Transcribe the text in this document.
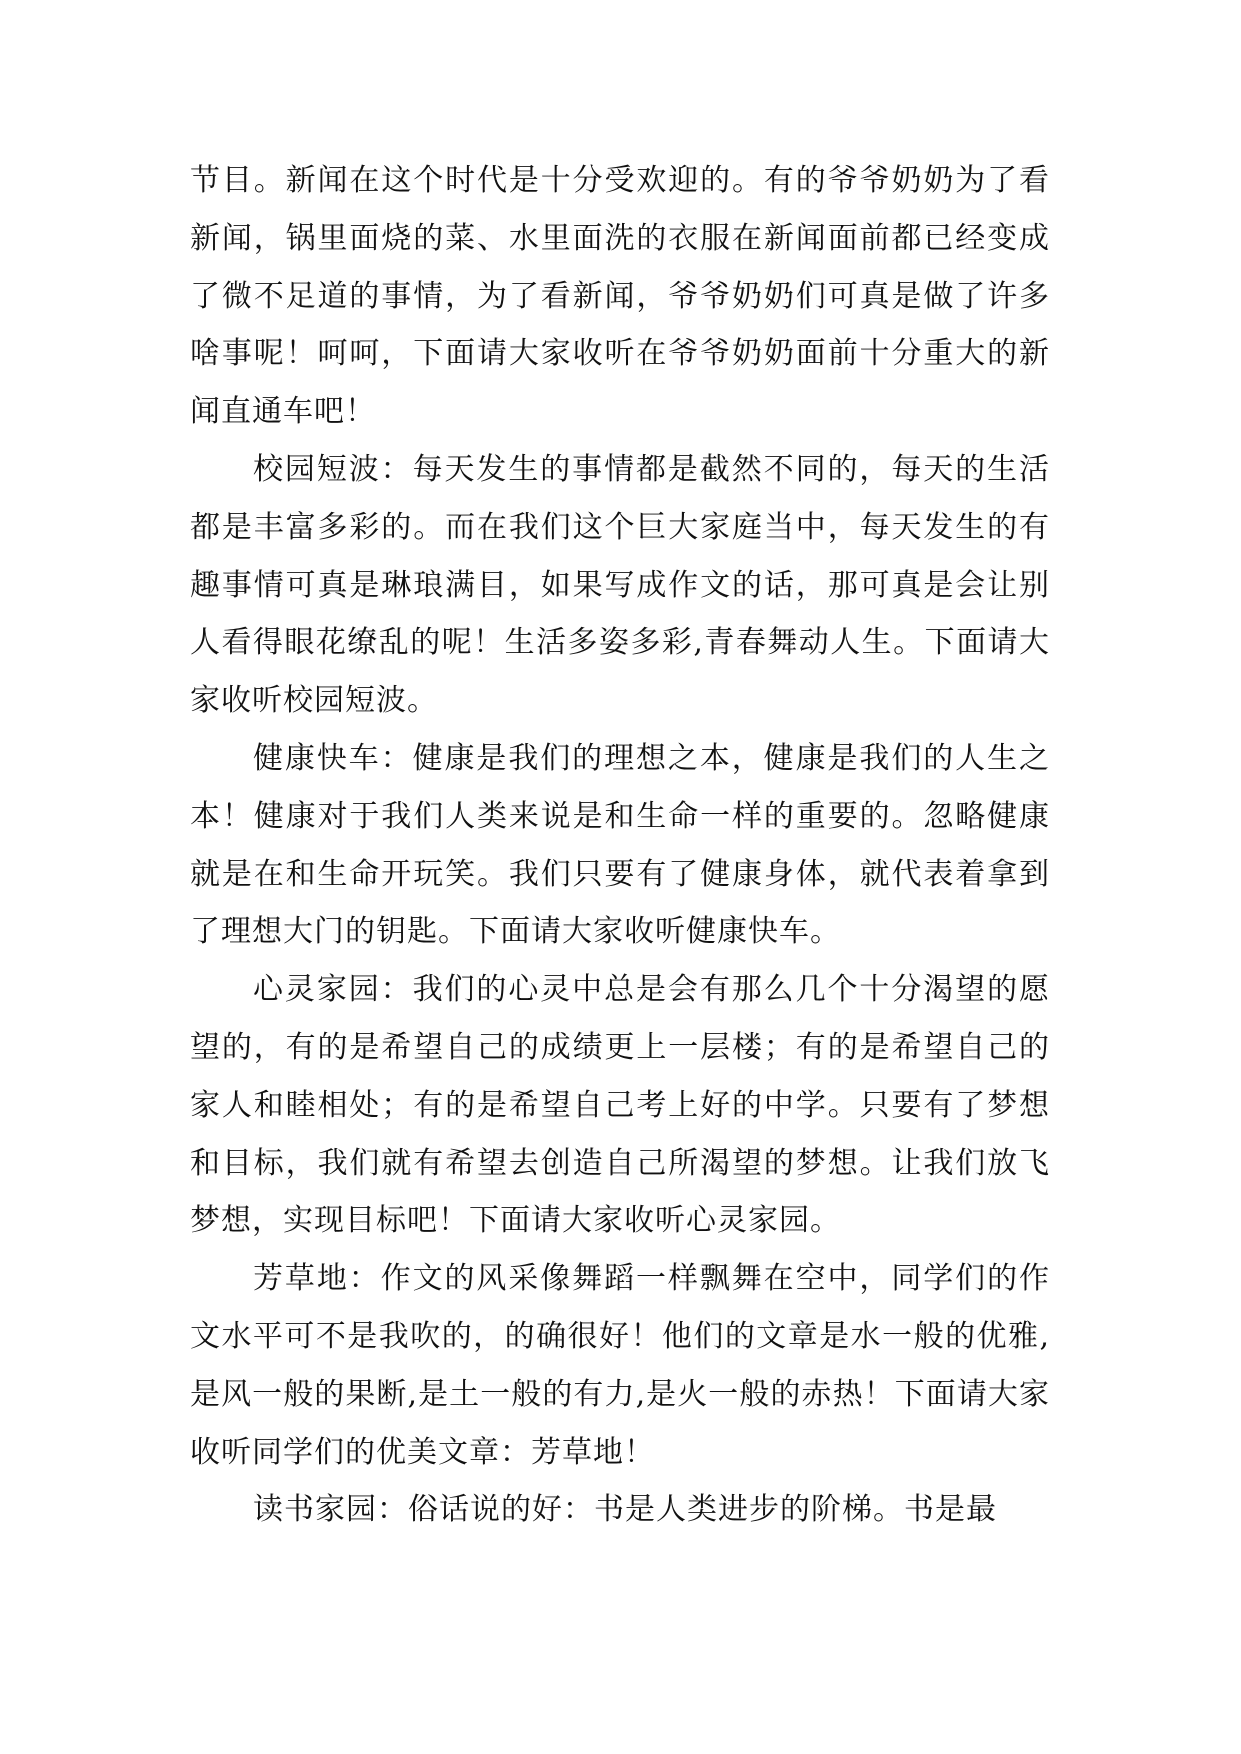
节目。新闻在这个时代是十分受欢迎的。有的爷爷奶奶为了看新闻，锅里面烧的菜、水里面洗的衣服在新闻面前都已经变成了微不足道的事情，为了看新闻，爷爷奶奶们可真是做了许多啥事呢！呵呵，下面请大家收听在爷爷奶奶面前十分重大的新闻直通车吧！

校园短波：每天发生的事情都是截然不同的，每天的生活都是丰富多彩的。而在我们这个巨大家庭当中，每天发生的有趣事情可真是琳琅满目，如果写成作文的话，那可真是会让别人看得眼花缭乱的呢！生活多姿多彩,青春舞动人生。下面请大家收听校园短波。

健康快车：健康是我们的理想之本，健康是我们的人生之本！健康对于我们人类来说是和生命一样的重要的。忽略健康就是在和生命开玩笑。我们只要有了健康身体，就代表着拿到了理想大门的钥匙。下面请大家收听健康快车。

心灵家园：我们的心灵中总是会有那么几个十分渴望的愿望的，有的是希望自己的成绩更上一层楼；有的是希望自己的家人和睦相处；有的是希望自己考上好的中学。只要有了梦想和目标，我们就有希望去创造自己所渴望的梦想。让我们放飞梦想，实现目标吧！下面请大家收听心灵家园。

芳草地：作文的风采像舞蹈一样飘舞在空中，同学们的作文水平可不是我吹的，的确很好！他们的文章是水一般的优雅,是风一般的果断,是土一般的有力,是火一般的赤热！下面请大家收听同学们的优美文章：芳草地！

读书家园：俗话说的好：书是人类进步的阶梯。书是最
